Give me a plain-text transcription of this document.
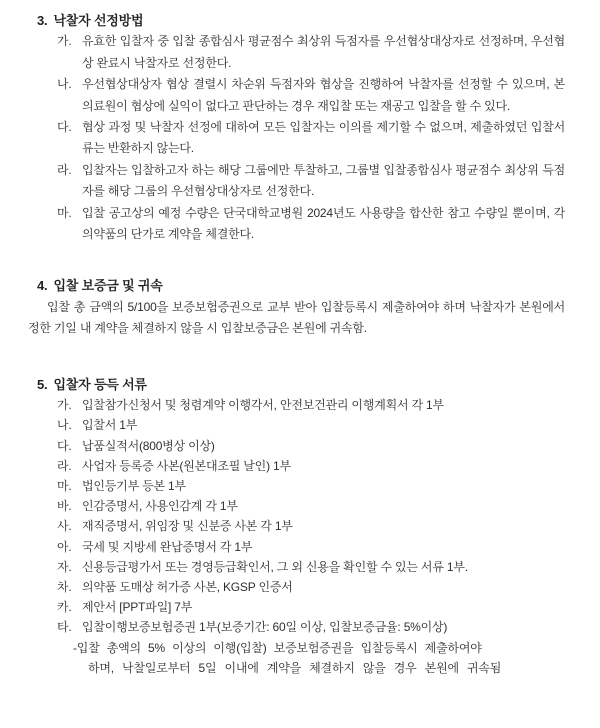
3. 낙찰자 선정방법
가. 유효한 입찰자 중 입찰 종합심사 평균점수 최상위 득점자를 우선협상대상자로 선정하며, 우선협상 완료시 낙찰자로 선정한다.
나. 우선협상대상자 협상 결렬시 차순위 득점자와 협상을 진행하여 낙찰자를 선정할 수 있으며, 본 의료원이 협상에 실익이 없다고 판단하는 경우 재입찰 또는 재공고 입찰을 할 수 있다.
다. 협상 과정 및 낙찰자 선정에 대하여 모든 입찰자는 이의를 제기할 수 없으며, 제출하였던 입찰서류는 반환하지 않는다.
라. 입찰자는 입찰하고자 하는 해당 그룹에만 투찰하고, 그룹별 입찰종합심사 평균점수 최상위 득점자를 해당 그룹의 우선협상대상자로 선정한다.
마. 입찰 공고상의 예정 수량은 단국대학교병원 2024년도 사용량을 합산한 참고 수량일 뿐이며, 각 의약품의 단가로 계약을 체결한다.
4. 입찰 보증금 및 귀속

입찰 총 금액의 5/100을 보증보험증권으로 교부 받아 입찰등록시 제출하여야 하며 낙찰자가 본원에서 정한 기일 내 계약을 체결하지 않을 시 입찰보증금은 본원에 귀속함.

5. 입찰자 등득 서류
가. 입찰참가신청서 및 청렴계약 이행각서, 안전보건관리 이행계획서 각 1부
나. 입찰서 1부
다. 납품실적서(800병상 이상)
라. 사업자 등록증 사본(원본대조필 날인) 1부
마. 법인등기부 등본 1부
바. 인감증명서, 사용인감계 각 1부
사. 재직증명서, 위임장 및 신분증 사본 각 1부
아. 국세 및 지방세 완납증명서 각 1부
자. 신용등급평가서 또는 경영등급확인서, 그 외 신용을 확인할 수 있는 서류 1부.
차. 의약품 도매상 허가증 사본, KGSP 인증서
카. 제안서 [PPT파일] 7부
타. 입찰이행보증보험증권 1부(보증기간: 60일 이상, 입찰보증금율: 5%이상)
-입찰 총액의 5% 이상의 이행(입찰) 보증보험증권을 입찰등록시 제출하여야
하며, 낙찰일로부터 5일 이내에 계약을 체결하지 않을 경우 본원에 귀속됨
